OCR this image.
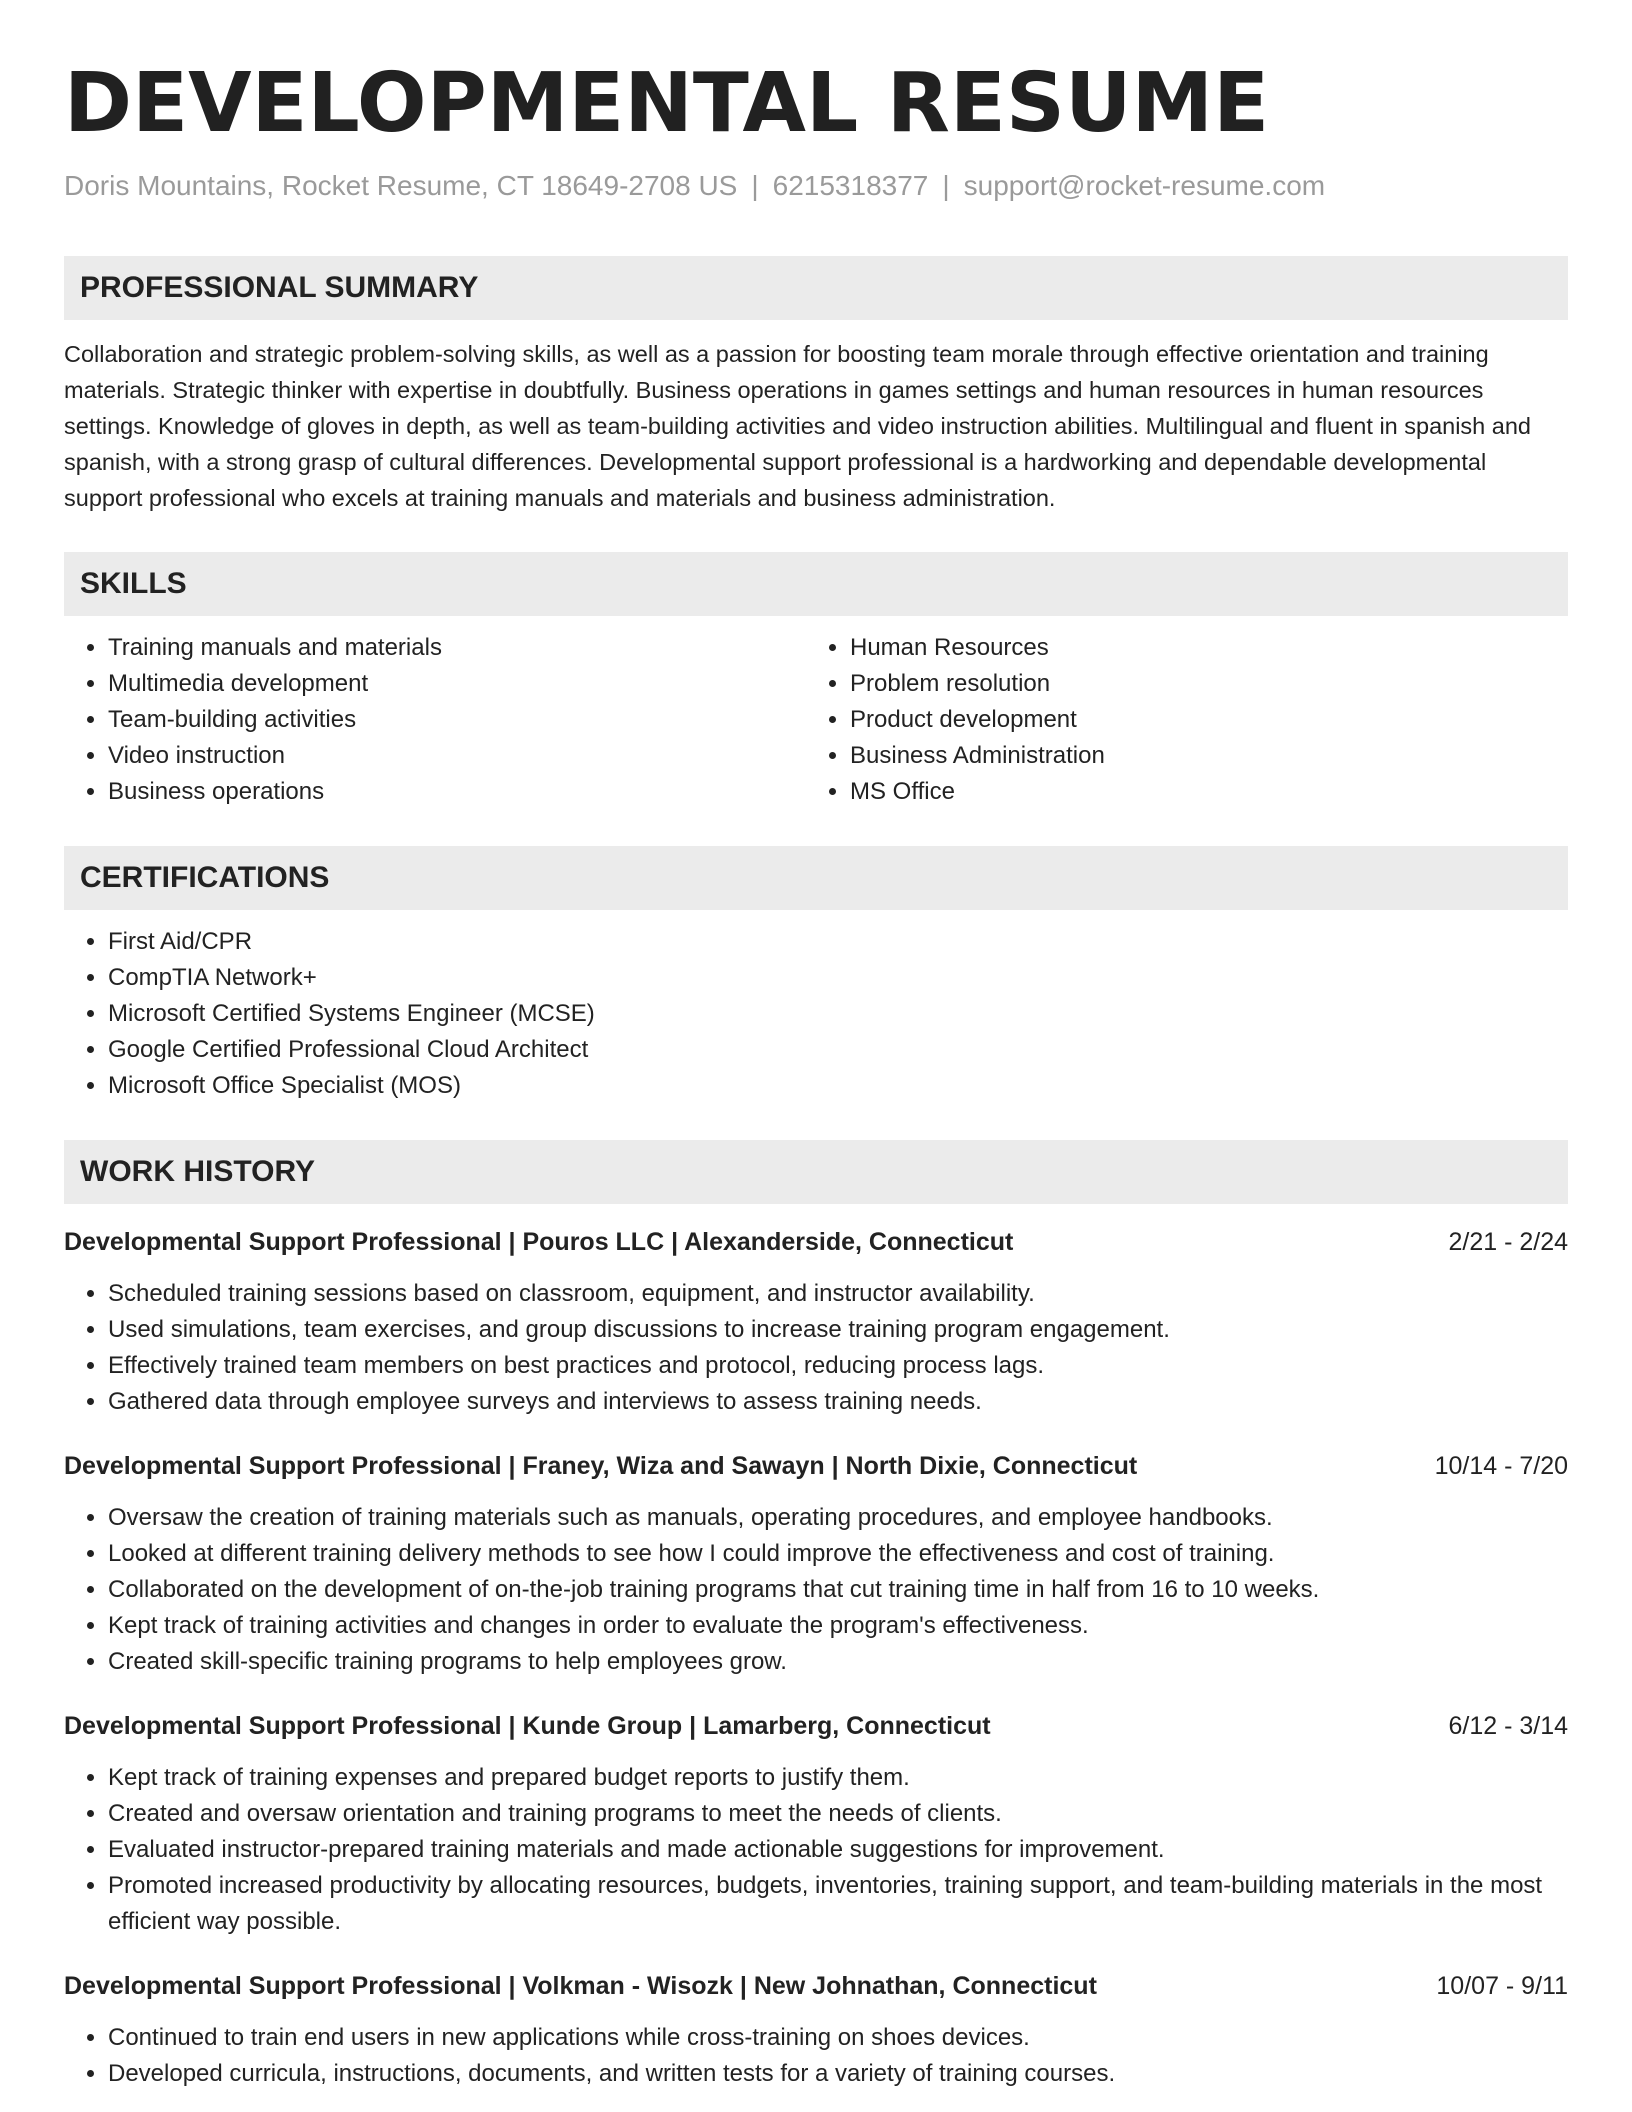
DEVELOPMENTAL RESUME
Doris Mountains, Rocket Resume, CT 18649-2708 US | 6215318377 | support@rocket-resume.com
PROFESSIONAL SUMMARY

Collaboration and strategic problem-solving skills, as well as a passion for boosting team morale through effective orientation and training materials. Strategic thinker with expertise in doubtfully. Business operations in games settings and human resources in human resources settings. Knowledge of gloves in depth, as well as team-building activities and video instruction abilities. Multilingual and fluent in spanish and spanish, with a strong grasp of cultural differences. Developmental support professional is a hardworking and dependable developmental support professional who excels at training manuals and materials and business administration.

SKILLS
• Training manuals and materials
• Multimedia development
• Team-building activities
• Video instruction
• Business operations
• Human Resources
• Problem resolution
• Product development
• Business Administration
• MS Office
CERTIFICATIONS
• First Aid/CPR
• CompTIA Network+
• Microsoft Certified Systems Engineer (MCSE)
• Google Certified Professional Cloud Architect
• Microsoft Office Specialist (MOS)
WORK HISTORY
Developmental Support Professional | Pouros LLC | Alexanderside, Connecticut	2/21 - 2/24
• Scheduled training sessions based on classroom, equipment, and instructor availability.
• Used simulations, team exercises, and group discussions to increase training program engagement.
• Effectively trained team members on best practices and protocol, reducing process lags.
• Gathered data through employee surveys and interviews to assess training needs.
Developmental Support Professional | Franey, Wiza and Sawayn | North Dixie, Connecticut	10/14 - 7/20
• Oversaw the creation of training materials such as manuals, operating procedures, and employee handbooks.
• Looked at different training delivery methods to see how I could improve the effectiveness and cost of training.
• Collaborated on the development of on-the-job training programs that cut training time in half from 16 to 10 weeks.
• Kept track of training activities and changes in order to evaluate the program's effectiveness.
• Created skill-specific training programs to help employees grow.
Developmental Support Professional | Kunde Group | Lamarberg, Connecticut	6/12 - 3/14
• Kept track of training expenses and prepared budget reports to justify them.
• Created and oversaw orientation and training programs to meet the needs of clients.
• Evaluated instructor-prepared training materials and made actionable suggestions for improvement.
• Promoted increased productivity by allocating resources, budgets, inventories, training support, and team-building materials in the most efficient way possible.
Developmental Support Professional | Volkman - Wisozk | New Johnathan, Connecticut	10/07 - 9/11
• Continued to train end users in new applications while cross-training on shoes devices.
• Developed curricula, instructions, documents, and written tests for a variety of training courses.
